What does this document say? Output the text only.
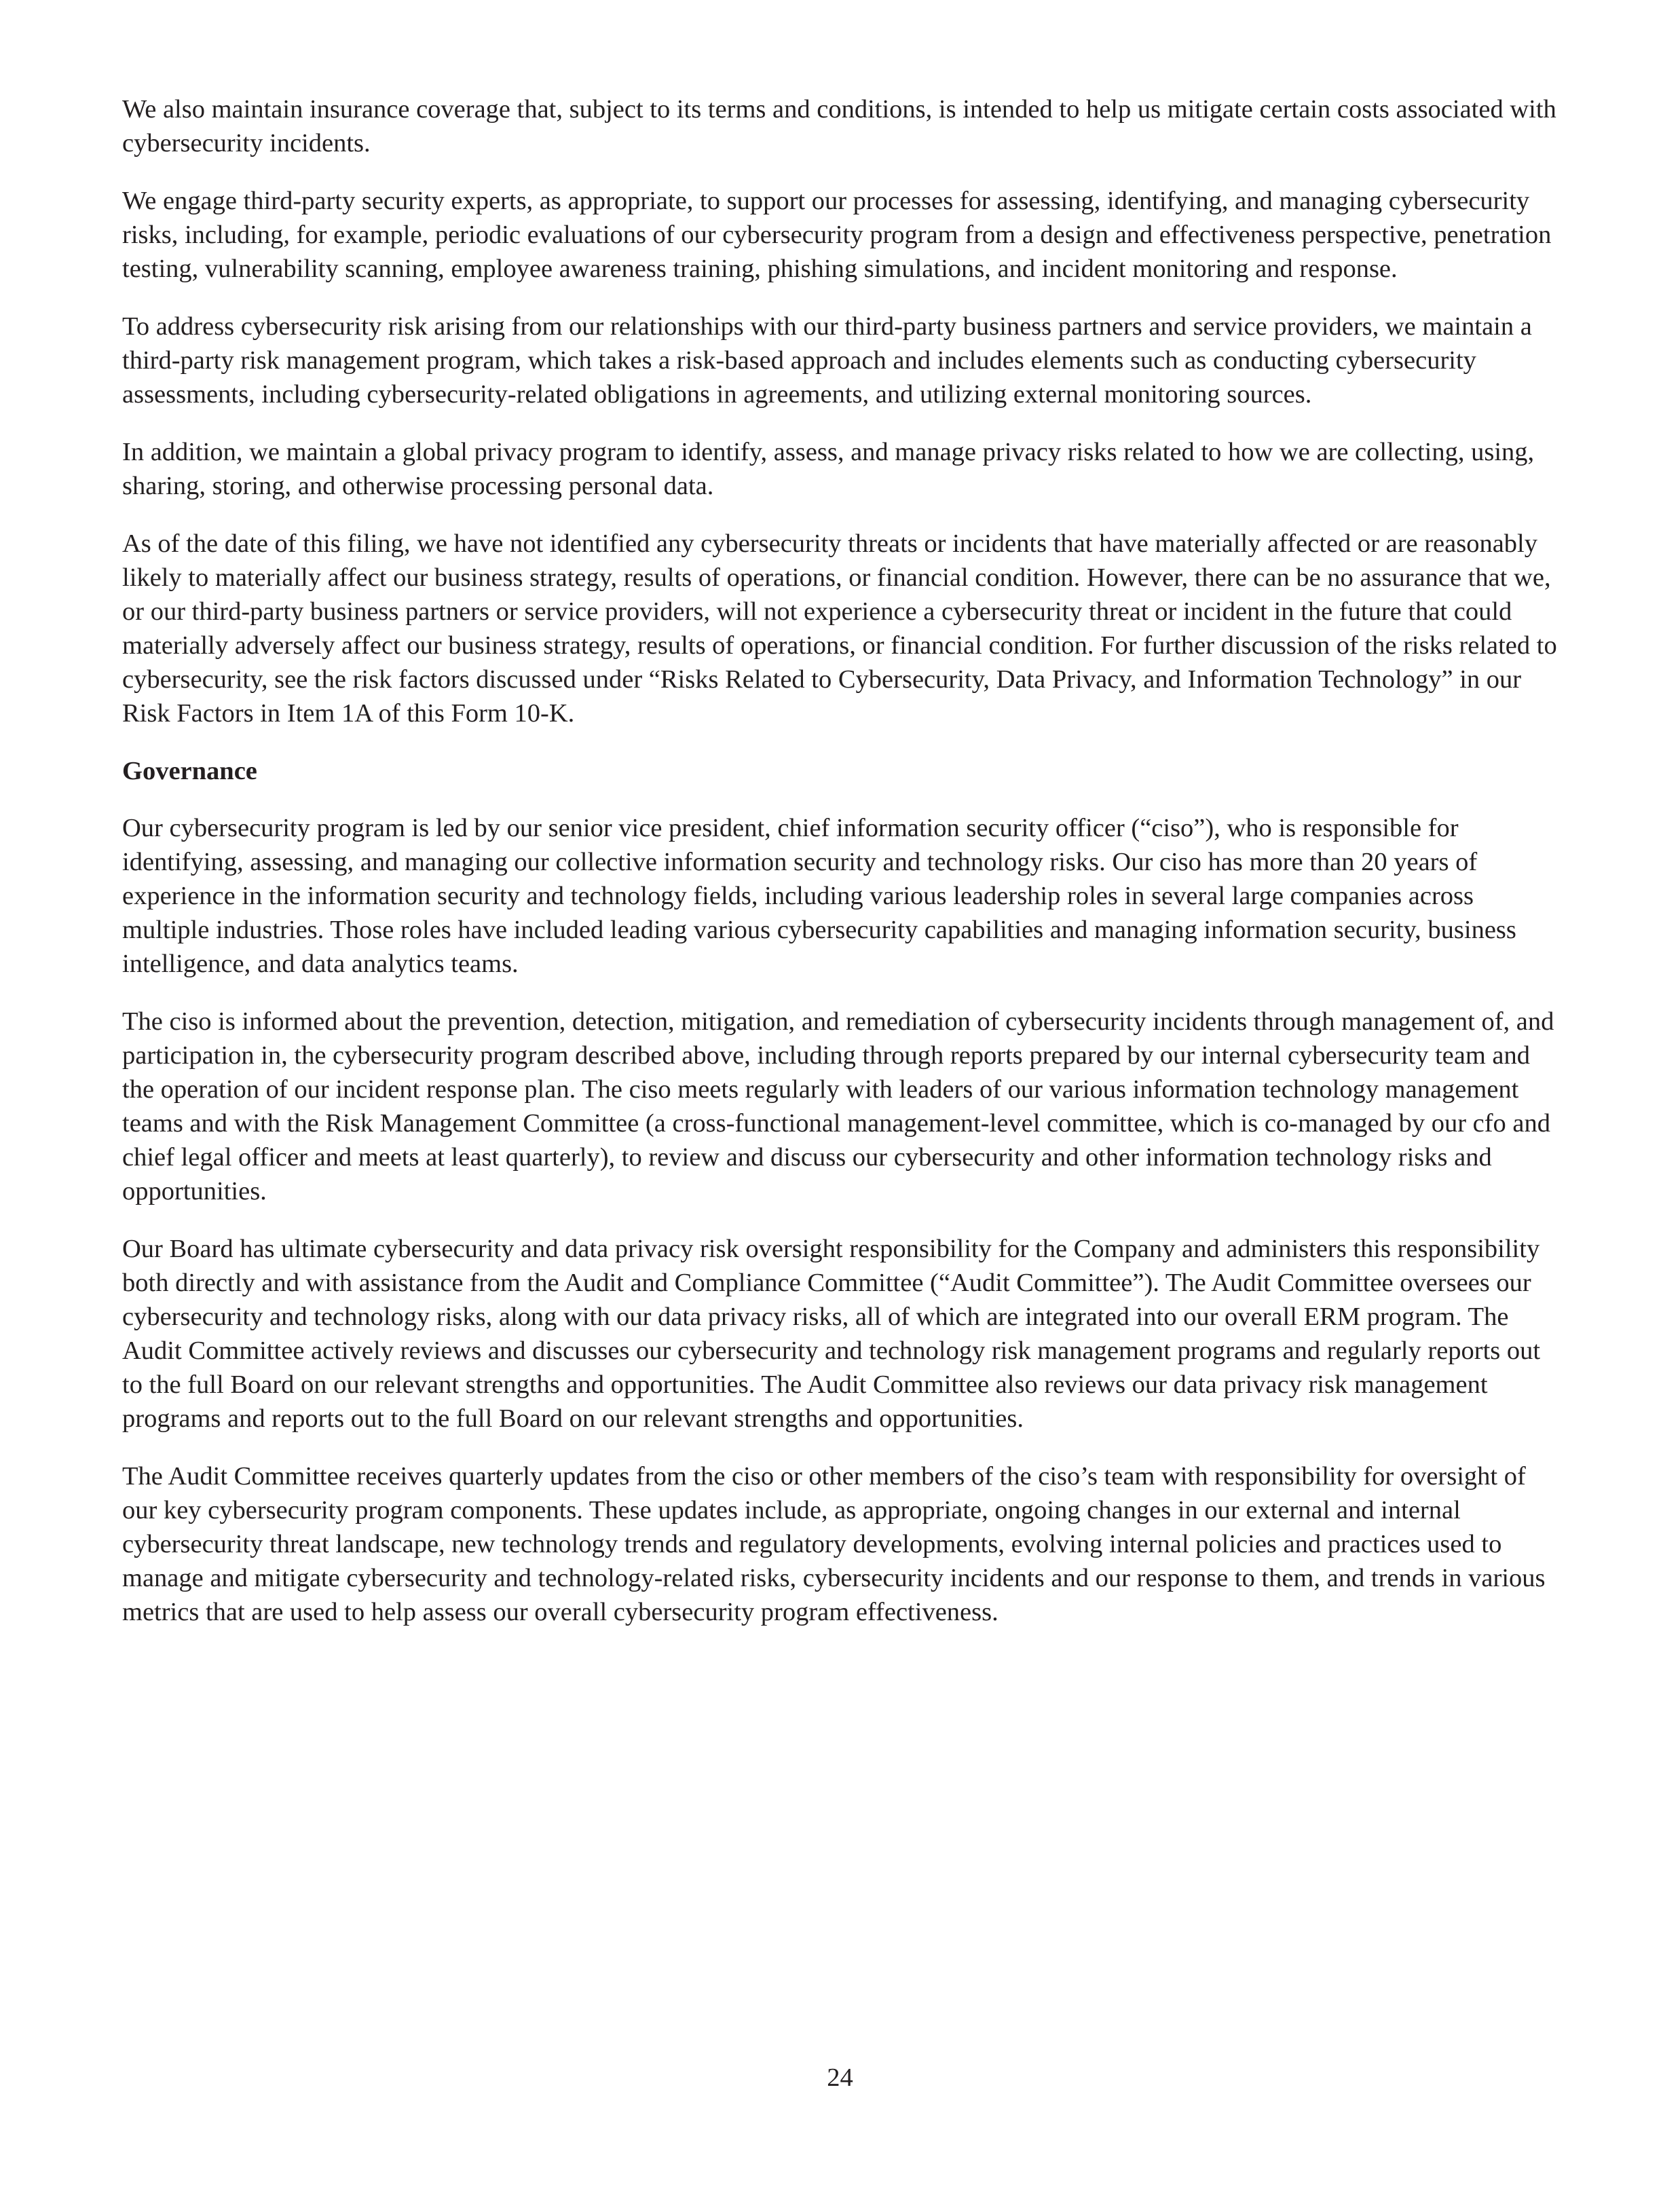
We also maintain insurance coverage that, subject to its terms and conditions, is intended to help us mitigate certain costs associated with cybersecurity incidents.

We engage third-party security experts, as appropriate, to support our processes for assessing, identifying, and managing cybersecurity risks, including, for example, periodic evaluations of our cybersecurity program from a design and effectiveness perspective, penetration testing, vulnerability scanning, employee awareness training, phishing simulations, and incident monitoring and response.

To address cybersecurity risk arising from our relationships with our third-party business partners and service providers, we maintain a third-party risk management program, which takes a risk-based approach and includes elements such as conducting cybersecurity assessments, including cybersecurity-related obligations in agreements, and utilizing external monitoring sources.

In addition, we maintain a global privacy program to identify, assess, and manage privacy risks related to how we are collecting, using, sharing, storing, and otherwise processing personal data.

As of the date of this filing, we have not identified any cybersecurity threats or incidents that have materially affected or are reasonably likely to materially affect our business strategy, results of operations, or financial condition. However, there can be no assurance that we, or our third-party business partners or service providers, will not experience a cybersecurity threat or incident in the future that could materially adversely affect our business strategy, results of operations, or financial condition. For further discussion of the risks related to cybersecurity, see the risk factors discussed under “Risks Related to Cybersecurity, Data Privacy, and Information Technology” in our Risk Factors in Item 1A of this Form 10-K.

Governance

Our cybersecurity program is led by our senior vice president, chief information security officer (“ciso”), who is responsible for identifying, assessing, and managing our collective information security and technology risks. Our ciso has more than 20 years of experience in the information security and technology fields, including various leadership roles in several large companies across multiple industries. Those roles have included leading various cybersecurity capabilities and managing information security, business intelligence, and data analytics teams.

The ciso is informed about the prevention, detection, mitigation, and remediation of cybersecurity incidents through management of, and participation in, the cybersecurity program described above, including through reports prepared by our internal cybersecurity team and the operation of our incident response plan. The ciso meets regularly with leaders of our various information technology management teams and with the Risk Management Committee (a cross-functional management-level committee, which is co-managed by our cfo and chief legal officer and meets at least quarterly), to review and discuss our cybersecurity and other information technology risks and opportunities.

Our Board has ultimate cybersecurity and data privacy risk oversight responsibility for the Company and administers this responsibility both directly and with assistance from the Audit and Compliance Committee (“Audit Committee”). The Audit Committee oversees our cybersecurity and technology risks, along with our data privacy risks, all of which are integrated into our overall ERM program. The Audit Committee actively reviews and discusses our cybersecurity and technology risk management programs and regularly reports out to the full Board on our relevant strengths and opportunities. The Audit Committee also reviews our data privacy risk management programs and reports out to the full Board on our relevant strengths and opportunities.

The Audit Committee receives quarterly updates from the ciso or other members of the ciso’s team with responsibility for oversight of our key cybersecurity program components. These updates include, as appropriate, ongoing changes in our external and internal cybersecurity threat landscape, new technology trends and regulatory developments, evolving internal policies and practices used to manage and mitigate cybersecurity and technology-related risks, cybersecurity incidents and our response to them, and trends in various metrics that are used to help assess our overall cybersecurity program effectiveness.

24
